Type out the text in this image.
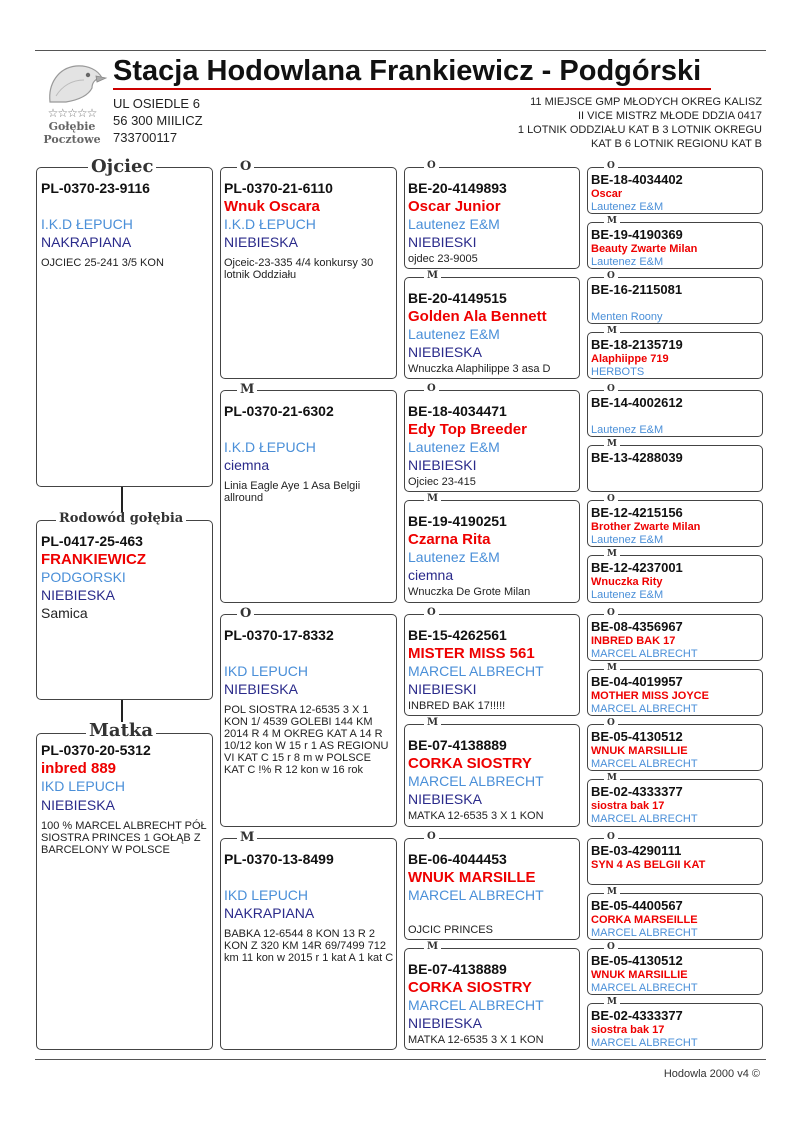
☆☆☆☆☆
Gołębie
Pocztowe
Stacja Hodowlana Frankiewicz - Podgórski
UL OSIEDLE 6
56 300 MIILICZ
733700117
11 MIEJSCE GMP MŁODYCH OKREG KALISZ
II VICE MISTRZ MŁODE DDZIA 0417
1 LOTNIK ODDZIAŁU KAT B 3 LOTNIK OKREGU
KAT B 6 LOTNIK REGIONU KAT B
PL-0370-23-9116
I.K.D ŁEPUCH
NAKRAPIANA
OJCIEC 25-241 3/5 KON
Ojciec
PL-0417-25-463
FRANKIEWICZ
PODGORSKI
NIEBIESKA
Samica
Rodowód gołębia
PL-0370-20-5312
inbred 889
IKD LEPUCH
NIEBIESKA
100 % MARCEL ALBRECHT PÓŁ SIOSTRA PRINCES 1 GOŁĄB Z BARCELONY W POLSCE
Matka
PL-0370-21-6110
Wnuk Oscara
I.K.D ŁEPUCH
NIEBIESKA
Ojceic-23-335 4/4 konkursy 30 lotnik Oddziału
O
PL-0370-21-6302
I.K.D ŁEPUCH
ciemna
Linia Eagle Aye 1 Asa Belgii allround
M
PL-0370-17-8332
IKD LEPUCH
NIEBIESKA
POL SIOSTRA 12-6535 3 X 1 KON 1/ 4539 GOLEBI 144 KM 2014 R 4 M OKREG KAT A 14 R 10/12 kon W 15 r 1 AS REGIONU VI KAT C 15 r 8 m w POLSCE KAT C !% R 12 kon w 16 rok
O
PL-0370-13-8499
IKD LEPUCH
NAKRAPIANA
BABKA 12-6544 8 KON 13 R 2 KON Z 320 KM 14R 69/7499 712 km 11 kon w 2015 r 1 kat A 1 kat C
M
BE-20-4149893
Oscar Junior
Lautenez E&M
NIEBIESKI
ojdec 23-9005
O
BE-20-4149515
Golden Ala Bennett
Lautenez E&M
NIEBIESKA
Wnuczka Alaphilippe 3 asa D
M
BE-18-4034471
Edy Top Breeder
Lautenez E&M
NIEBIESKI
Ojciec 23-415
O
BE-19-4190251
Czarna Rita
Lautenez E&M
ciemna
Wnuczka De Grote Milan
M
BE-15-4262561
MISTER MISS 561
MARCEL ALBRECHT
NIEBIESKI
INBRED BAK 17!!!!!
O
BE-07-4138889
CORKA SIOSTRY
MARCEL ALBRECHT
NIEBIESKA
MATKA 12-6535 3 X 1 KON
M
BE-06-4044453
WNUK MARSILLE
MARCEL ALBRECHT
OJCIC PRINCES
O
BE-07-4138889
CORKA SIOSTRY
MARCEL ALBRECHT
NIEBIESKA
MATKA 12-6535 3 X 1 KON
M
BE-18-4034402
Oscar
Lautenez E&M
O
BE-19-4190369
Beauty Zwarte Milan
Lautenez E&M
M
BE-16-2115081
Menten Roony
O
BE-18-2135719
Alaphiippe 719
HERBOTS
M
BE-14-4002612
Lautenez E&M
O
BE-13-4288039
M
BE-12-4215156
Brother Zwarte Milan
Lautenez E&M
O
BE-12-4237001
Wnuczka Rity
Lautenez E&M
M
BE-08-4356967
INBRED BAK 17
MARCEL ALBRECHT
O
BE-04-4019957
MOTHER MISS JOYCE
MARCEL ALBRECHT
M
BE-05-4130512
WNUK MARSILLIE
MARCEL ALBRECHT
O
BE-02-4333377
siostra bak 17
MARCEL ALBRECHT
M
BE-03-4290111
SYN 4 AS BELGII KAT
O
BE-05-4400567
CORKA MARSEILLE
MARCEL ALBRECHT
M
BE-05-4130512
WNUK MARSILLIE
MARCEL ALBRECHT
O
BE-02-4333377
siostra bak 17
MARCEL ALBRECHT
M
Hodowla 2000 v4 ©
